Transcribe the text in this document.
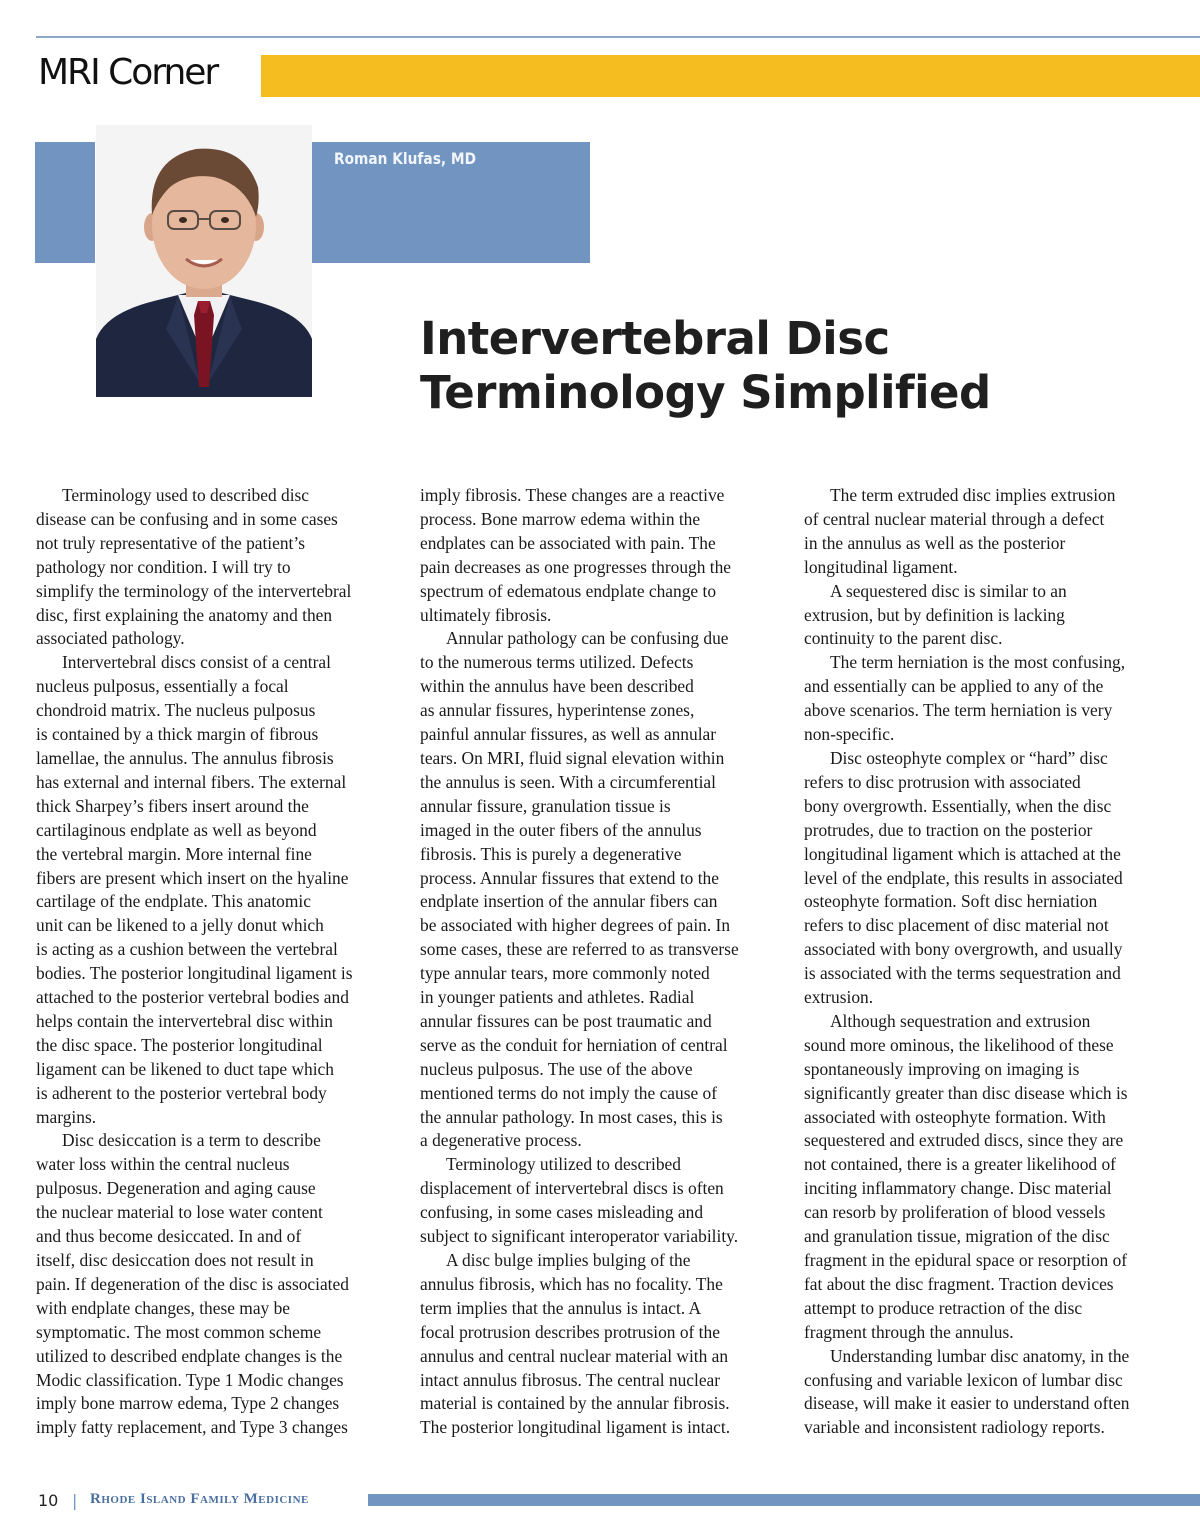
MRI Corner

Roman Klufas, MD

Intervertebral Disc
Terminology Simplified

Terminology used to described disc
disease can be confusing and in some cases
not truly representative of the patient’s
pathology nor condition. I will try to
simplify the terminology of the intervertebral
disc, first explaining the anatomy and then
associated pathology.

Intervertebral discs consist of a central
nucleus pulposus, essentially a focal
chondroid matrix. The nucleus pulposus
is contained by a thick margin of fibrous
lamellae, the annulus. The annulus fibrosis
has external and internal fibers. The external
thick Sharpey’s fibers insert around the
cartilaginous endplate as well as beyond
the vertebral margin. More internal fine
fibers are present which insert on the hyaline
cartilage of the endplate. This anatomic
unit can be likened to a jelly donut which
is acting as a cushion between the vertebral
bodies. The posterior longitudinal ligament is
attached to the posterior vertebral bodies and
helps contain the intervertebral disc within
the disc space. The posterior longitudinal
ligament can be likened to duct tape which
is adherent to the posterior vertebral body
margins.

Disc desiccation is a term to describe
water loss within the central nucleus
pulposus. Degeneration and aging cause
the nuclear material to lose water content
and thus become desiccated. In and of
itself, disc desiccation does not result in
pain. If degeneration of the disc is associated
with endplate changes, these may be
symptomatic. The most common scheme
utilized to described endplate changes is the
Modic classification. Type 1 Modic changes
imply bone marrow edema, Type 2 changes
imply fatty replacement, and Type 3 changes

imply fibrosis. These changes are a reactive
process. Bone marrow edema within the
endplates can be associated with pain. The
pain decreases as one progresses through the
spectrum of edematous endplate change to
ultimately fibrosis.

Annular pathology can be confusing due
to the numerous terms utilized. Defects
within the annulus have been described
as annular fissures, hyperintense zones,
painful annular fissures, as well as annular
tears. On MRI, fluid signal elevation within
the annulus is seen. With a circumferential
annular fissure, granulation tissue is
imaged in the outer fibers of the annulus
fibrosis. This is purely a degenerative
process. Annular fissures that extend to the
endplate insertion of the annular fibers can
be associated with higher degrees of pain. In
some cases, these are referred to as transverse
type annular tears, more commonly noted
in younger patients and athletes. Radial
annular fissures can be post traumatic and
serve as the conduit for herniation of central
nucleus pulposus. The use of the above
mentioned terms do not imply the cause of
the annular pathology. In most cases, this is
a degenerative process.

Terminology utilized to described
displacement of intervertebral discs is often
confusing, in some cases misleading and
subject to significant interoperator variability.

A disc bulge implies bulging of the
annulus fibrosis, which has no focality. The
term implies that the annulus is intact. A
focal protrusion describes protrusion of the
annulus and central nuclear material with an
intact annulus fibrosus. The central nuclear
material is contained by the annular fibrosis.
The posterior longitudinal ligament is intact.

The term extruded disc implies extrusion
of central nuclear material through a defect
in the annulus as well as the posterior
longitudinal ligament.

A sequestered disc is similar to an
extrusion, but by definition is lacking
continuity to the parent disc.

The term herniation is the most confusing,
and essentially can be applied to any of the
above scenarios. The term herniation is very
non-specific.

Disc osteophyte complex or “hard” disc
refers to disc protrusion with associated
bony overgrowth. Essentially, when the disc
protrudes, due to traction on the posterior
longitudinal ligament which is attached at the
level of the endplate, this results in associated
osteophyte formation. Soft disc herniation
refers to disc placement of disc material not
associated with bony overgrowth, and usually
is associated with the terms sequestration and
extrusion.

Although sequestration and extrusion
sound more ominous, the likelihood of these
spontaneously improving on imaging is
significantly greater than disc disease which is
associated with osteophyte formation. With
sequestered and extruded discs, since they are
not contained, there is a greater likelihood of
inciting inflammatory change. Disc material
can resorb by proliferation of blood vessels
and granulation tissue, migration of the disc
fragment in the epidural space or resorption of
fat about the disc fragment. Traction devices
attempt to produce retraction of the disc
fragment through the annulus.

Understanding lumbar disc anatomy, in the
confusing and variable lexicon of lumbar disc
disease, will make it easier to understand often
variable and inconsistent radiology reports.

10 | Rhode Island Family Medicine
